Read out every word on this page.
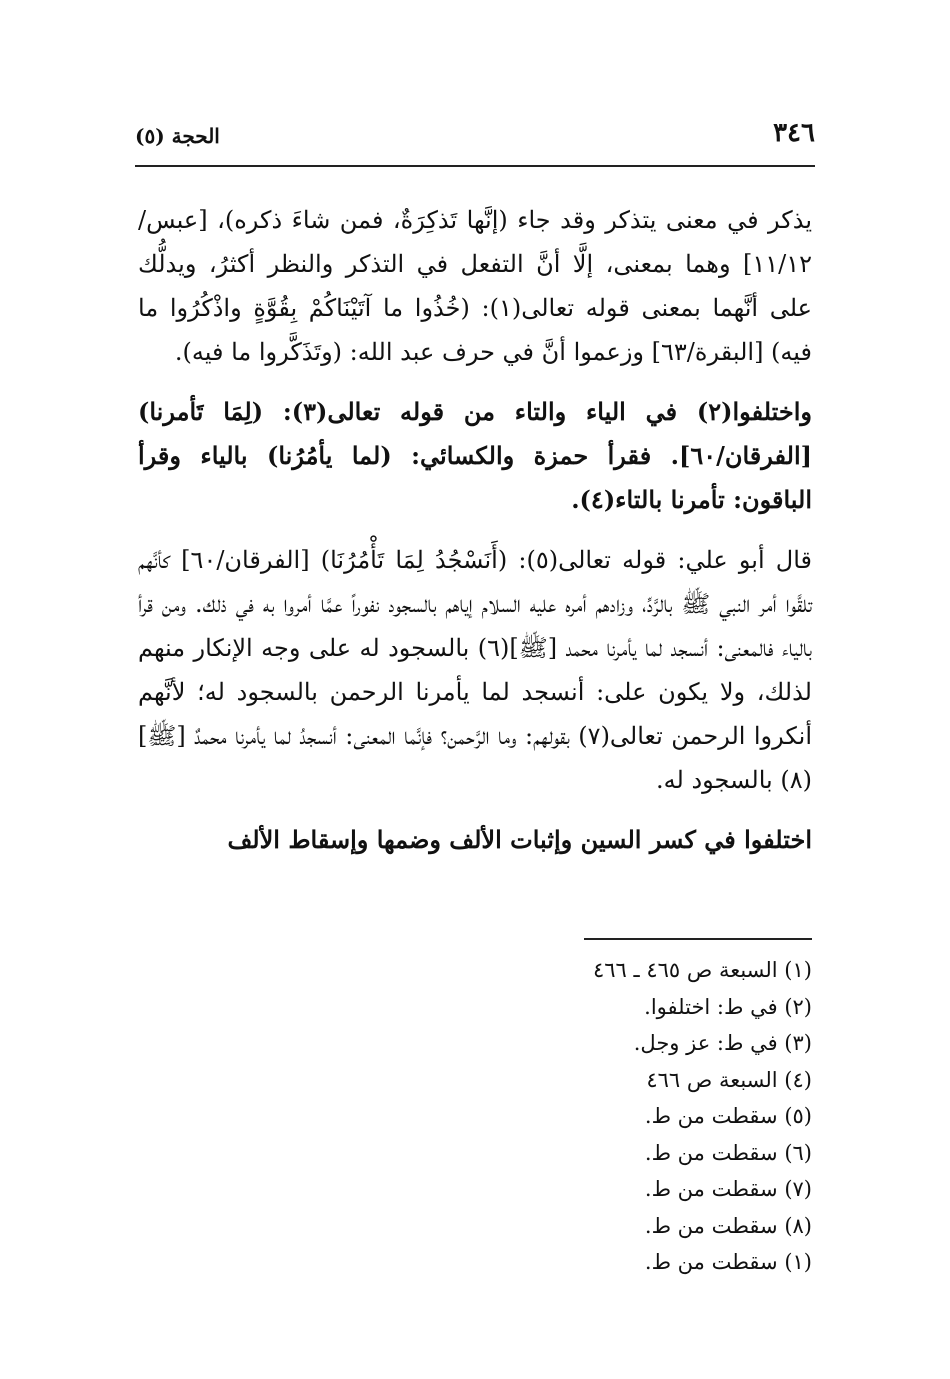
٣٤٦
الحجة (٥)

يذكر في معنى يتذكر وقد جاء (إنَّها تَذكِرَةٌ، فمن شاءَ ذكره)، [عبس/١١/١٢] وهما بمعنى، إلَّا أنَّ التفعل في التذكر والنظر أكثرُ، ويدلُّك على أنَّهما بمعنى قوله تعالى(١): (خُذُوا ما آتَيْنَاكُمْ بِقُوَّةٍ واذْكُرُوا ما فيه) [البقرة/٦٣] وزعموا أنَّ في حرف عبد الله: (وتَذَكَّروا ما فيه).

واختلفوا(٢) في الياء والتاء من قوله تعالى(٣): (لِمَا تَأمرنا) [الفرقان/٦٠]. فقرأ حمزة والكسائي: (لما يأمُرُنا) بالياء وقرأ الباقون: تأمرنا بالتاء(٤).

قال أبو علي: قوله تعالى(٥): (أَنَسْجُدُ لِمَا تَأْمُرُنَا) [الفرقان/٦٠] كأنَّهم تلقَّوا أمر النبي ﷺ بالرَّدِّ، وزادهم أمره عليه السلام إياهم بالسجود نفوراً عمَّا أمروا به في ذلك. ومن قرأ بالياء فالمعنى: أنسجد لما يأمرنا محمد [ﷺ](٦) بالسجود له على وجه الإنكار منهم لذلك، ولا يكون على: أنسجد لما يأمرنا الرحمن بالسجود له؛ لأنَّهم أنكروا الرحمن تعالى(٧) بقولهم: وما الرَّحمن؟ فإنَّما المعنى: أنسجدُ لما يأمرنا محمدٌ [ﷺ](٨) بالسجود له.

اختلفوا في كسر السين وإثبات الألف وضمها وإسقاط الألف

(١) السبعة ص ٤٦٥ ـ ٤٦٦

(٢) في ط: اختلفوا.

(٣) في ط: عز وجل.

(٤) السبعة ص ٤٦٦

(٥) سقطت من ط.

(٦) سقطت من ط.

(٧) سقطت من ط.

(٨) سقطت من ط.

(١) سقطت من ط.
